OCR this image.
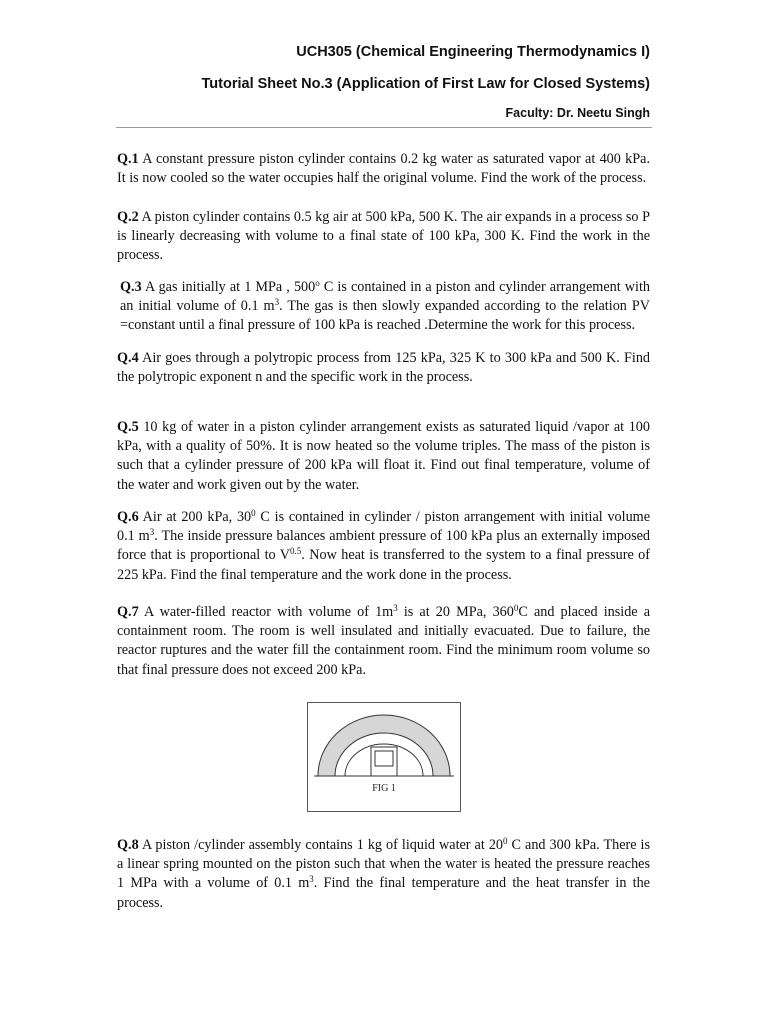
UCH305 (Chemical Engineering Thermodynamics I)
Tutorial Sheet No.3 (Application of First Law for Closed Systems)
Faculty: Dr. Neetu Singh

Q.1 A constant pressure piston cylinder contains 0.2 kg water as saturated vapor at 400 kPa. It is now cooled so the water occupies half the original volume. Find the work of the process.

Q.2 A piston cylinder contains 0.5 kg air at 500 kPa, 500 K. The air expands in a process so P is linearly decreasing with volume to a final state of 100 kPa, 300 K. Find the work in the process.

Q.3 A gas initially at 1 MPa , 500$^o$ C is contained in a piston and cylinder arrangement with an initial volume of 0.1 $m^3$. The gas is then slowly expanded according to the relation PV =constant until a final pressure of 100 kPa is reached .Determine the work for this process.

Q.4 Air goes through a polytropic process from 125 kPa, 325 K to 300 kPa and 500 K. Find the polytropic exponent n and the specific work in the process.

Q.5 10 kg of water in a piston cylinder arrangement exists as saturated liquid /vapor at 100 kPa, with a quality of 50%. It is now heated so the volume triples. The mass of the piston is such that a cylinder pressure of 200 kPa will float it. Find out final temperature, volume of the water and work given out by the water.

Q.6 Air at 200 kPa, $30^0$ C is contained in cylinder / piston arrangement with initial volume 0.1 $m^3$. The inside pressure balances ambient pressure of 100 kPa plus an externally imposed force that is proportional to $V^{0.5}$. Now heat is transferred to the system to a final pressure of 225 kPa. Find the final temperature and the work done in the process.

Q.7 A water-filled reactor with volume of $1m^3$ is at 20 MPa, $360^0C$ and placed inside a containment room. The room is well insulated and initially evacuated. Due to failure, the reactor ruptures and the water fill the containment room. Find the minimum room volume so that final pressure does not exceed 200 kPa.

FIG 1

Q.8 A piston /cylinder assembly contains 1 kg of liquid water at $20^0$ C and 300 kPa. There is a linear spring mounted on the piston such that when the water is heated the pressure reaches 1 MPa with a volume of 0.1 $m^3$. Find the final temperature and the heat transfer in the process.
